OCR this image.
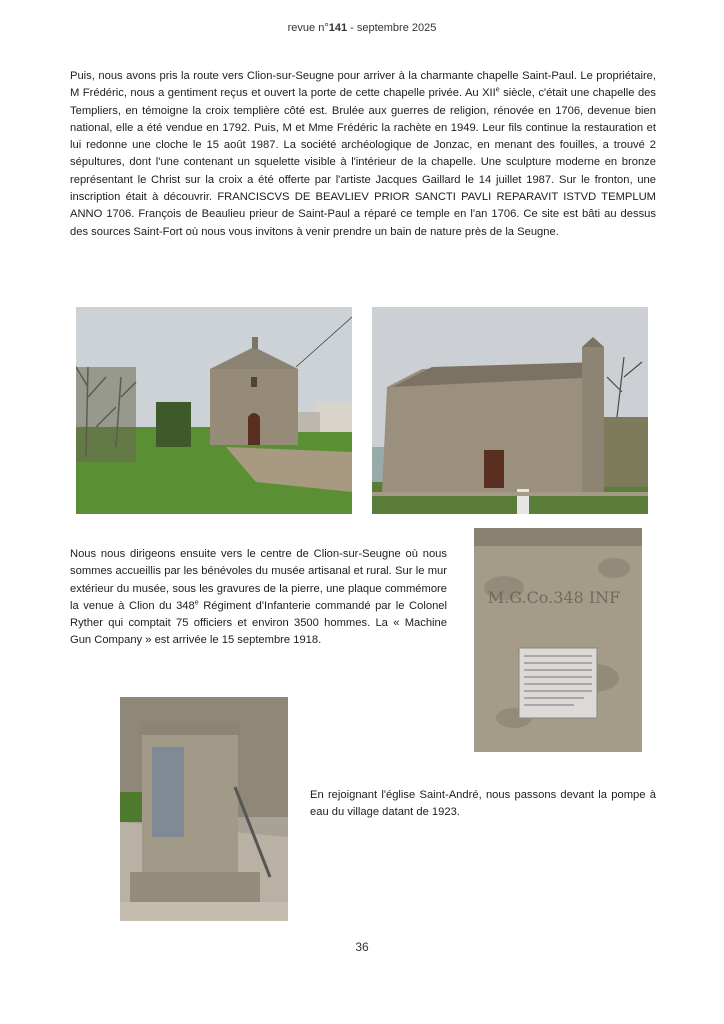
revue n°141 - septembre 2025

Puis, nous avons pris la route vers Clion-sur-Seugne pour arriver à la charmante chapelle Saint-Paul. Le propriétaire, M Frédéric, nous a gentiment reçus et ouvert la porte de cette chapelle privée. Au XIIe siècle, c'était une chapelle des Templiers, en témoigne la croix templière côté est. Brulée aux guerres de religion, rénovée en 1706, devenue bien national, elle a été vendue en 1792. Puis, M et Mme Frédéric la rachète en 1949. Leur fils continue la restauration et lui redonne une cloche le 15 août 1987. La société archéologique de Jonzac, en menant des fouilles, a trouvé 2 sépultures, dont l'une contenant un squelette visible à l'intérieur de la chapelle. Une sculpture moderne en bronze représentant le Christ sur la croix a été offerte par l'artiste Jacques Gaillard le 14 juillet 1987. Sur le fronton, une inscription était à découvrir. FRANCISCVS DE BEAVLIEV PRIOR SANCTI PAVLI REPARAVIT ISTVD TEMPLUM ANNO 1706. François de Beaulieu prieur de Saint-Paul a réparé ce temple en l'an 1706. Ce site est bâti au dessus des sources Saint-Fort où nous vous invitons à venir prendre un bain de nature près de la Seugne.

Nous nous dirigeons ensuite vers le centre de Clion-sur-Seugne où nous sommes accueillis par les bénévoles du musée artisanal et rural. Sur le mur extérieur du musée, sous les gravures de la pierre, une plaque commémore la venue à Clion du 348e Régiment d'Infanterie commandé par le Colonel Ryther qui comptait 75 officiers et environ 3500 hommes. La « Machine Gun Company » est arrivée le 15 septembre 1918.

M.G.Co.348 INF

En rejoignant l'église Saint-André, nous passons devant la pompe à eau du village datant de 1923.

36
